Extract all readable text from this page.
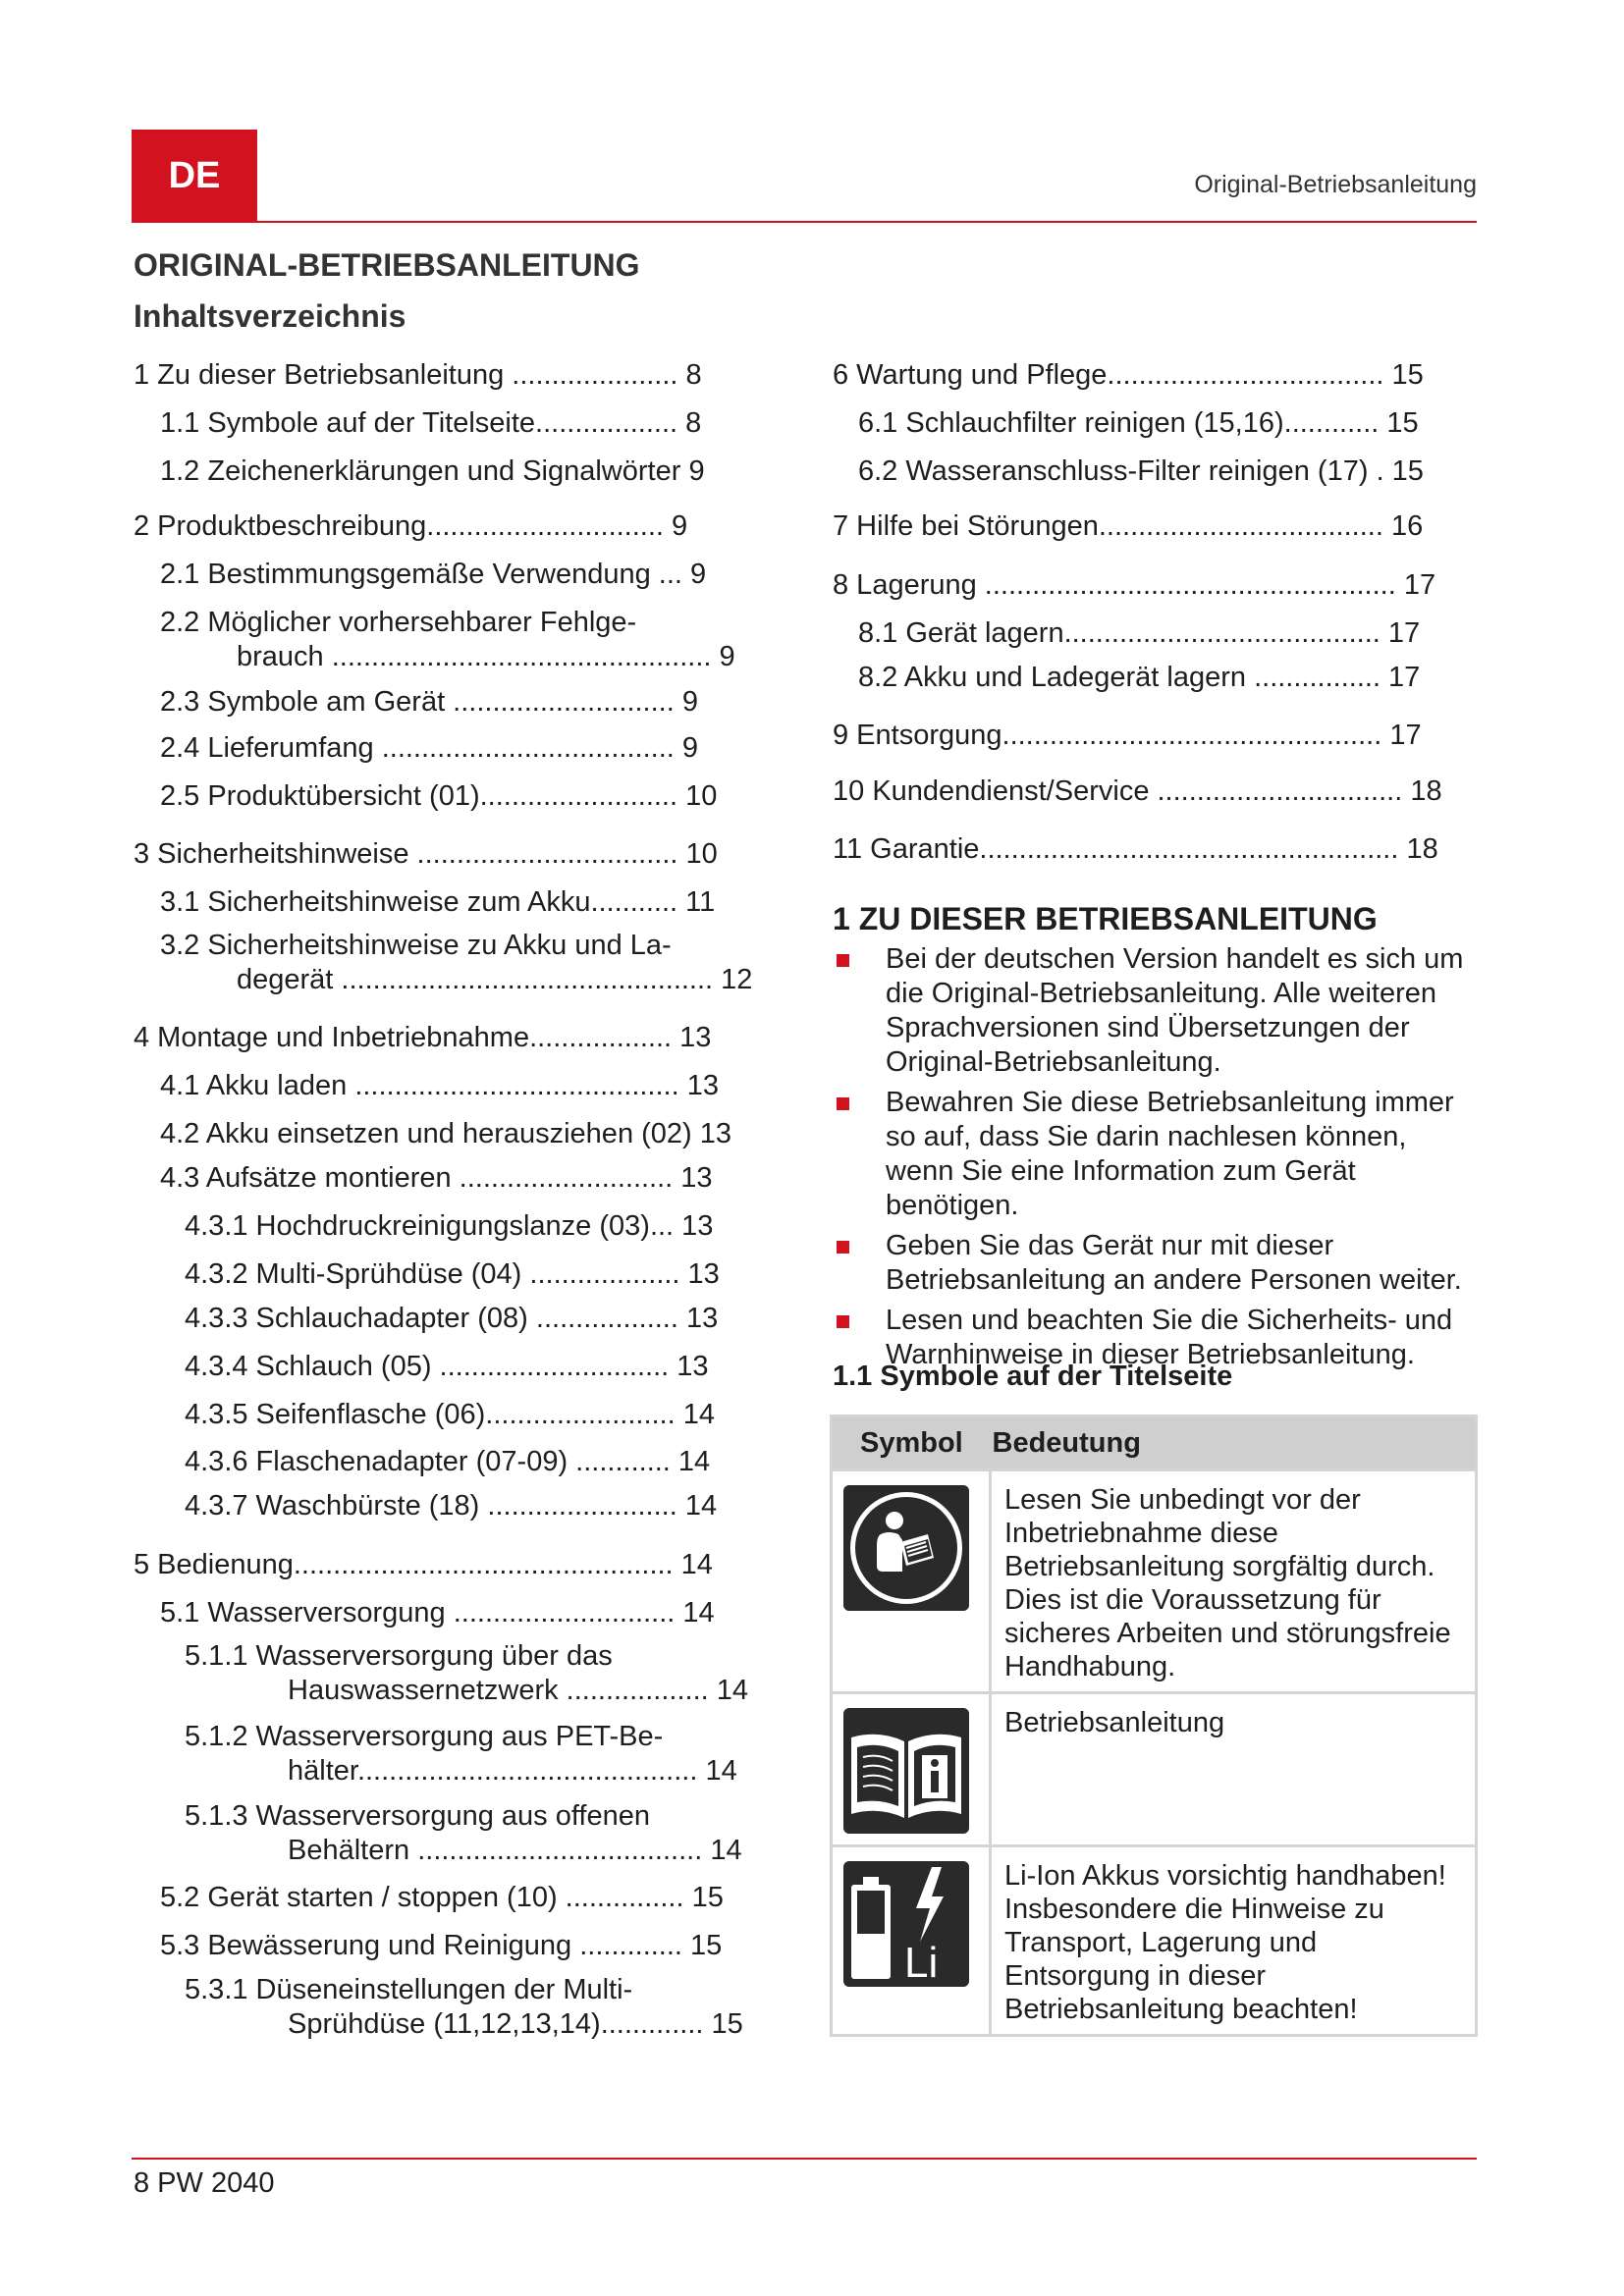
DE	Original-Betriebsanleitung
ORIGINAL-BETRIEBSANLEITUNG
Inhaltsverzeichnis
1 Zu dieser Betriebsanleitung ..................... 8
1.1 Symbole auf der Titelseite.................. 8
1.2 Zeichenerklärungen und Signalwörter 9
2 Produktbeschreibung.............................. 9
2.1 Bestimmungsgemäße Verwendung ... 9
2.2 Möglicher vorhersehbarer Fehlge-
brauch ................................................ 9
2.3 Symbole am Gerät ............................ 9
2.4 Lieferumfang ..................................... 9
2.5 Produktübersicht (01)......................... 10
3 Sicherheitshinweise ................................. 10
3.1 Sicherheitshinweise zum Akku........... 11
3.2 Sicherheitshinweise zu Akku und La-
degerät ............................................... 12
4 Montage und Inbetriebnahme.................. 13
4.1 Akku laden ......................................... 13
4.2 Akku einsetzen und herausziehen (02) 13
4.3 Aufsätze montieren ........................... 13
4.3.1 Hochdruckreinigungslanze (03)... 13
4.3.2 Multi-Sprühdüse (04) ................... 13
4.3.3 Schlauchadapter (08) .................. 13
4.3.4 Schlauch (05) ............................. 13
4.3.5 Seifenflasche (06)........................ 14
4.3.6 Flaschenadapter (07-09) ............ 14
4.3.7 Waschbürste (18) ........................ 14
5 Bedienung................................................ 14
5.1 Wasserversorgung ............................ 14
5.1.1 Wasserversorgung über das
Hauswassernetzwerk .................. 14
5.1.2 Wasserversorgung aus PET-Be-
hälter........................................... 14
5.1.3 Wasserversorgung aus offenen
Behältern .................................... 14
5.2 Gerät starten / stoppen (10) ............... 15
5.3 Bewässerung und Reinigung ............. 15
5.3.1 Düseneinstellungen der Multi-
Sprühdüse (11,12,13,14)............. 15
6 Wartung und Pflege................................... 15
6.1 Schlauchfilter reinigen (15,16)............ 15
6.2 Wasseranschluss-Filter reinigen (17) . 15
7 Hilfe bei Störungen.................................... 16
8 Lagerung .................................................... 17
8.1 Gerät lagern........................................ 17
8.2 Akku und Ladegerät lagern ................ 17
9 Entsorgung................................................ 17
10 Kundendienst/Service ............................... 18
11 Garantie..................................................... 18
1 ZU DIESER BETRIEBSANLEITUNG
Bei der deutschen Version handelt es sich um die Original-Betriebsanleitung. Alle weiteren Sprachversionen sind Übersetzungen der Original-Betriebsanleitung.
Bewahren Sie diese Betriebsanleitung immer so auf, dass Sie darin nachlesen können, wenn Sie eine Information zum Gerät benötigen.
Geben Sie das Gerät nur mit dieser Betriebsanleitung an andere Personen weiter.
Lesen und beachten Sie die Sicherheits- und Warnhinweise in dieser Betriebsanleitung.
1.1 Symbole auf der Titelseite
Symbol	Bedeutung

	Lesen Sie unbedingt vor der Inbetriebnahme diese Betriebsanleitung sorgfältig durch. Dies ist die Voraussetzung für sicheres Arbeiten und störungsfreie Handhabung.

	Betriebsanleitung

Li	Li-Ion Akkus vorsichtig handhaben! Insbesondere die Hinweise zu Transport, Lagerung und Entsorgung in dieser Betriebsanleitung beachten!
8 PW 2040
